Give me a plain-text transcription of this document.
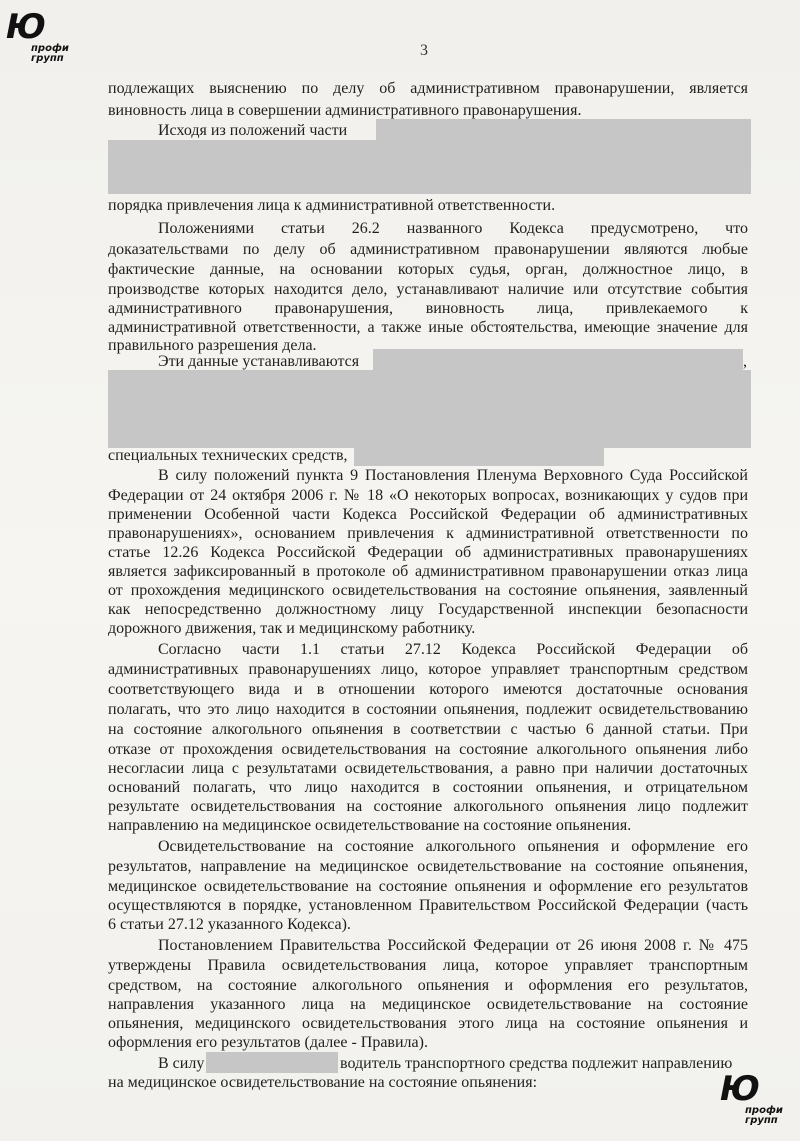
Ю
профи
групп	3
подлежащих выяснению по делу об административном правонарушении, является
виновность лица в совершении административного правонарушения.
Исходя из положений части
порядка привлечения лица к административной ответственности.
Положениями статьи 26.2 названного Кодекса предусмотрено, что
доказательствами по делу об административном правонарушении являются любые
фактические данные, на основании которых судья, орган, должностное лицо, в
производстве которых находится дело, устанавливают наличие или отсутствие события
административного правонарушения, виновность лица, привлекаемого к
административной ответственности, а также иные обстоятельства, имеющие значение для
правильного разрешения дела.
Эти данные устанавливаются	,
специальных технических средств,
В силу положений пункта 9 Постановления Пленума Верховного Суда Российской
Федерации от 24 октября 2006 г. № 18 «О некоторых вопросах, возникающих у судов при
применении Особенной части Кодекса Российской Федерации об административных
правонарушениях», основанием привлечения к административной ответственности по
статье 12.26 Кодекса Российской Федерации об административных правонарушениях
является зафиксированный в протоколе об административном правонарушении отказ лица
от прохождения медицинского освидетельствования на состояние опьянения, заявленный
как непосредственно должностному лицу Государственной инспекции безопасности
дорожного движения, так и медицинскому работнику.
Согласно части 1.1 статьи 27.12 Кодекса Российской Федерации об
административных правонарушениях лицо, которое управляет транспортным средством
соответствующего вида и в отношении которого имеются достаточные основания
полагать, что это лицо находится в состоянии опьянения, подлежит освидетельствованию
на состояние алкогольного опьянения в соответствии с частью 6 данной статьи. При
отказе от прохождения освидетельствования на состояние алкогольного опьянения либо
несогласии лица с результатами освидетельствования, а равно при наличии достаточных
оснований полагать, что лицо находится в состоянии опьянения, и отрицательном
результате освидетельствования на состояние алкогольного опьянения лицо подлежит
направлению на медицинское освидетельствование на состояние опьянения.
Освидетельствование на состояние алкогольного опьянения и оформление его
результатов, направление на медицинское освидетельствование на состояние опьянения,
медицинское освидетельствование на состояние опьянения и оформление его результатов
осуществляются в порядке, установленном Правительством Российской Федерации (часть
6 статьи 27.12 указанного Кодекса).
Постановлением Правительства Российской Федерации от 26 июня 2008 г. № 475
утверждены Правила освидетельствования лица, которое управляет транспортным
средством, на состояние алкогольного опьянения и оформления его результатов,
направления указанного лица на медицинское освидетельствование на состояние
опьянения, медицинского освидетельствования этого лица на состояние опьянения и
оформления его результатов (далее - Правила).
В силу	водитель транспортного средства подлежит направлению
на медицинское освидетельствование на состояние опьянения:	Ю
профи
групп
